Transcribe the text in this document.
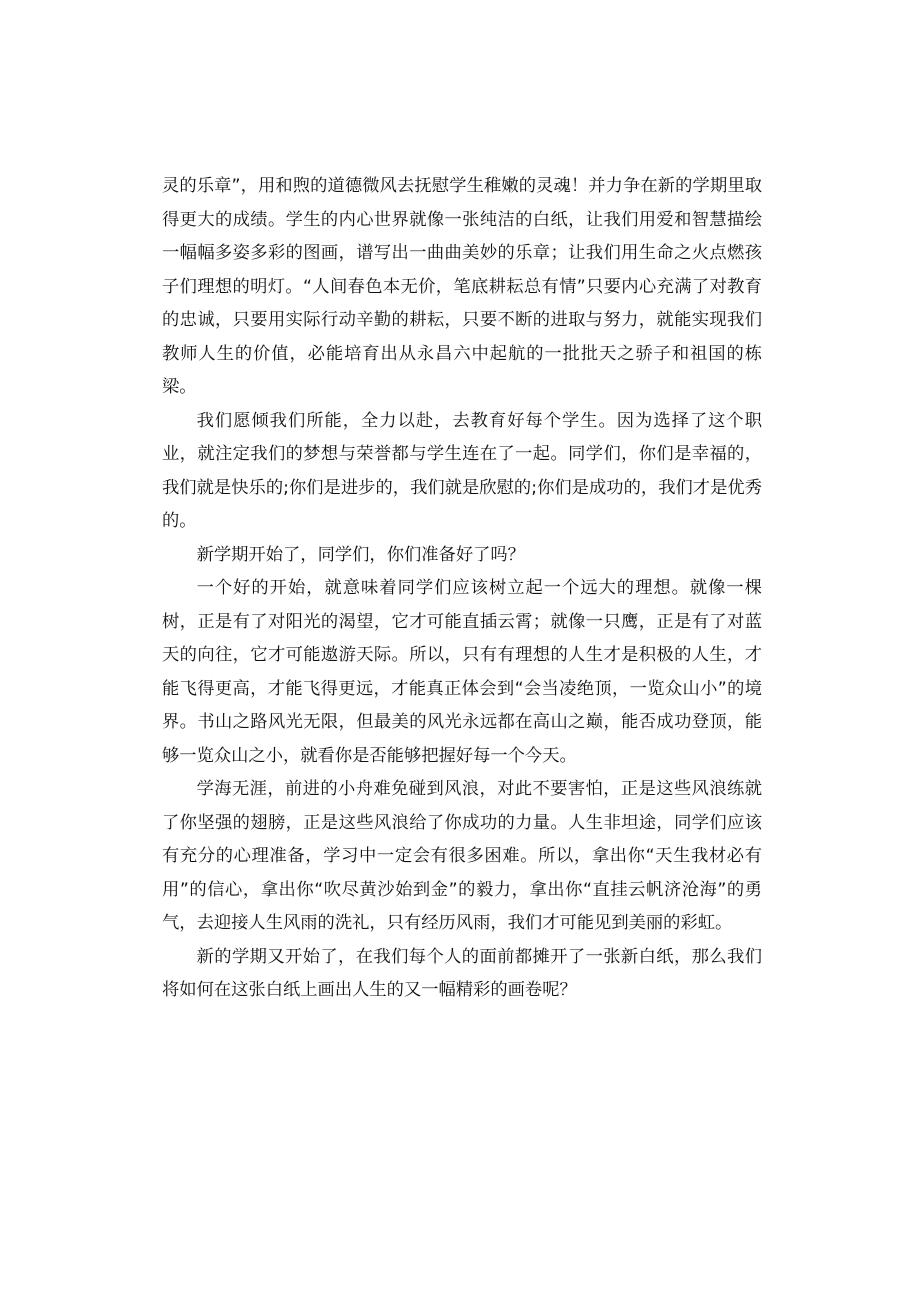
灵的乐章”，用和煦的道德微风去抚慰学生稚嫩的灵魂！并力争在新的学期里取得更大的成绩。学生的内心世界就像一张纯洁的白纸，让我们用爱和智慧描绘一幅幅多姿多彩的图画，谱写出一曲曲美妙的乐章；让我们用生命之火点燃孩子们理想的明灯。“人间春色本无价，笔底耕耘总有情”只要内心充满了对教育的忠诚，只要用实际行动辛勤的耕耘，只要不断的进取与努力，就能实现我们教师人生的价值，必能培育出从永昌六中起航的一批批天之骄子和祖国的栋梁。

我们愿倾我们所能，全力以赴，去教育好每个学生。因为选择了这个职业，就注定我们的梦想与荣誉都与学生连在了一起。同学们，你们是幸福的，我们就是快乐的;你们是进步的，我们就是欣慰的;你们是成功的，我们才是优秀的。

新学期开始了，同学们，你们准备好了吗？

一个好的开始，就意味着同学们应该树立起一个远大的理想。就像一棵树，正是有了对阳光的渴望，它才可能直插云霄；就像一只鹰，正是有了对蓝天的向往，它才可能遨游天际。所以，只有有理想的人生才是积极的人生，才能飞得更高，才能飞得更远，才能真正体会到“会当凌绝顶，一览众山小”的境界。书山之路风光无限，但最美的风光永远都在高山之巅，能否成功登顶，能够一览众山之小，就看你是否能够把握好每一个今天。

学海无涯，前进的小舟难免碰到风浪，对此不要害怕，正是这些风浪练就了你坚强的翅膀，正是这些风浪给了你成功的力量。人生非坦途，同学们应该有充分的心理准备，学习中一定会有很多困难。所以，拿出你“天生我材必有用”的信心，拿出你“吹尽黄沙始到金”的毅力，拿出你“直挂云帆济沧海”的勇气，去迎接人生风雨的洗礼，只有经历风雨，我们才可能见到美丽的彩虹。

新的学期又开始了，在我们每个人的面前都摊开了一张新白纸，那么我们将如何在这张白纸上画出人生的又一幅精彩的画卷呢？
